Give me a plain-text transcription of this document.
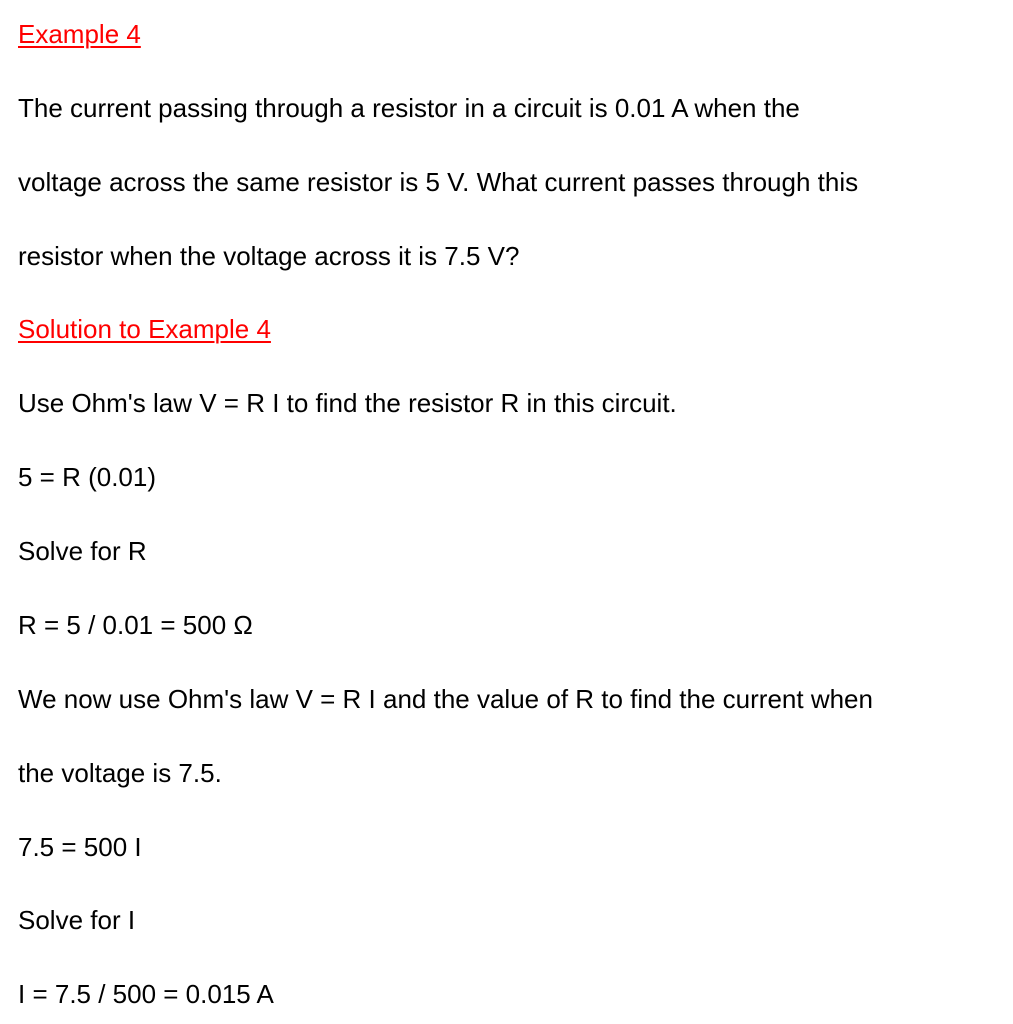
Example 4

The current passing through a resistor in a circuit is 0.01 A when the

voltage across the same resistor is 5 V. What current passes through this

resistor when the voltage across it is 7.5 V?

Solution to Example 4

Use Ohm's law V = R I to find the resistor R in this circuit.

5 = R (0.01)

Solve for R

R = 5 / 0.01 = 500 Ω

We now use Ohm's law V = R I and the value of R to find the current when

the voltage is 7.5.

7.5 = 500 I

Solve for I

I = 7.5 / 500 = 0.015 A
